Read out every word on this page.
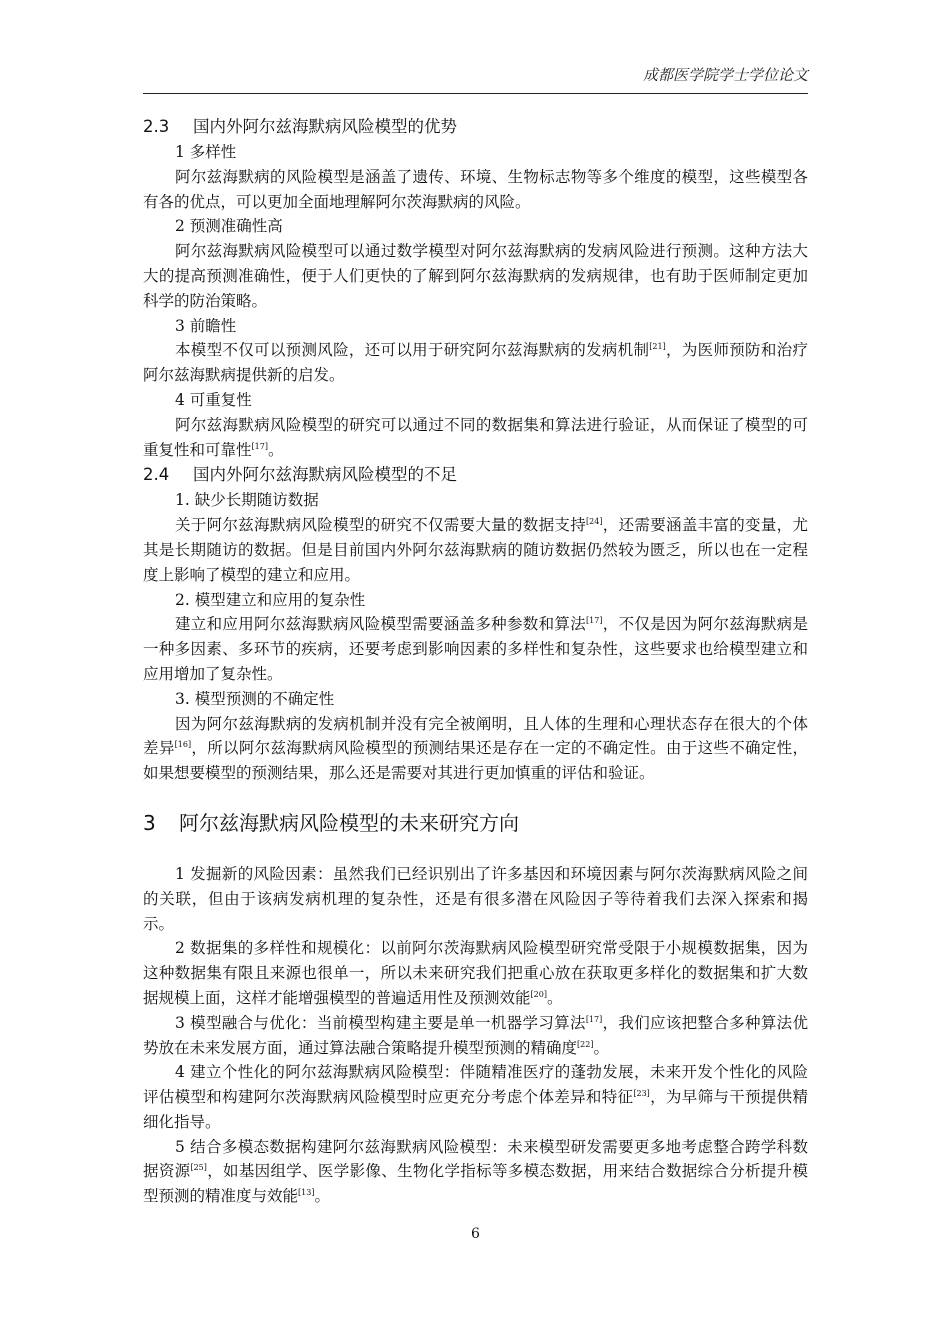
成都医学院学士学位论文
2.3 国内外阿尔兹海默病风险模型的优势

1 多样性

阿尔兹海默病的风险模型是涵盖了遗传、环境、生物标志物等多个维度的模型，这些模型各有各的优点，可以更加全面地理解阿尔茨海默病的风险。

2 预测准确性高

阿尔兹海默病风险模型可以通过数学模型对阿尔兹海默病的发病风险进行预测。这种方法大大的提高预测准确性，便于人们更快的了解到阿尔兹海默病的发病规律，也有助于医师制定更加科学的防治策略。

3 前瞻性

本模型不仅可以预测风险，还可以用于研究阿尔兹海默病的发病机制[21]，为医师预防和治疗阿尔兹海默病提供新的启发。

4 可重复性

阿尔兹海默病风险模型的研究可以通过不同的数据集和算法进行验证，从而保证了模型的可重复性和可靠性[17]。

2.4 国内外阿尔兹海默病风险模型的不足

1. 缺少长期随访数据

关于阿尔兹海默病风险模型的研究不仅需要大量的数据支持[24]，还需要涵盖丰富的变量，尤其是长期随访的数据。但是目前国内外阿尔兹海默病的随访数据仍然较为匮乏，所以也在一定程度上影响了模型的建立和应用。

2. 模型建立和应用的复杂性

建立和应用阿尔兹海默病风险模型需要涵盖多种参数和算法[17]，不仅是因为阿尔兹海默病是一种多因素、多环节的疾病，还要考虑到影响因素的多样性和复杂性，这些要求也给模型建立和应用增加了复杂性。

3. 模型预测的不确定性

因为阿尔兹海默病的发病机制并没有完全被阐明，且人体的生理和心理状态存在很大的个体差异[16]，所以阿尔兹海默病风险模型的预测结果还是存在一定的不确定性。由于这些不确定性，如果想要模型的预测结果，那么还是需要对其进行更加慎重的评估和验证。

3 阿尔兹海默病风险模型的未来研究方向

1 发掘新的风险因素：虽然我们已经识别出了许多基因和环境因素与阿尔茨海默病风险之间的关联，但由于该病发病机理的复杂性，还是有很多潜在风险因子等待着我们去深入探索和揭示。

2 数据集的多样性和规模化：以前阿尔茨海默病风险模型研究常受限于小规模数据集，因为这种数据集有限且来源也很单一，所以未来研究我们把重心放在获取更多样化的数据集和扩大数据规模上面，这样才能增强模型的普遍适用性及预测效能[20]。

3 模型融合与优化：当前模型构建主要是单一机器学习算法[17]，我们应该把整合多种算法优势放在未来发展方面，通过算法融合策略提升模型预测的精确度[22]。

4 建立个性化的阿尔兹海默病风险模型：伴随精准医疗的蓬勃发展，未来开发个性化的风险评估模型和构建阿尔茨海默病风险模型时应更充分考虑个体差异和特征[23]，为早筛与干预提供精细化指导。

5 结合多模态数据构建阿尔兹海默病风险模型：未来模型研发需要更多地考虑整合跨学科数据资源[25]，如基因组学、医学影像、生物化学指标等多模态数据，用来结合数据综合分析提升模型预测的精准度与效能[13]。

6
